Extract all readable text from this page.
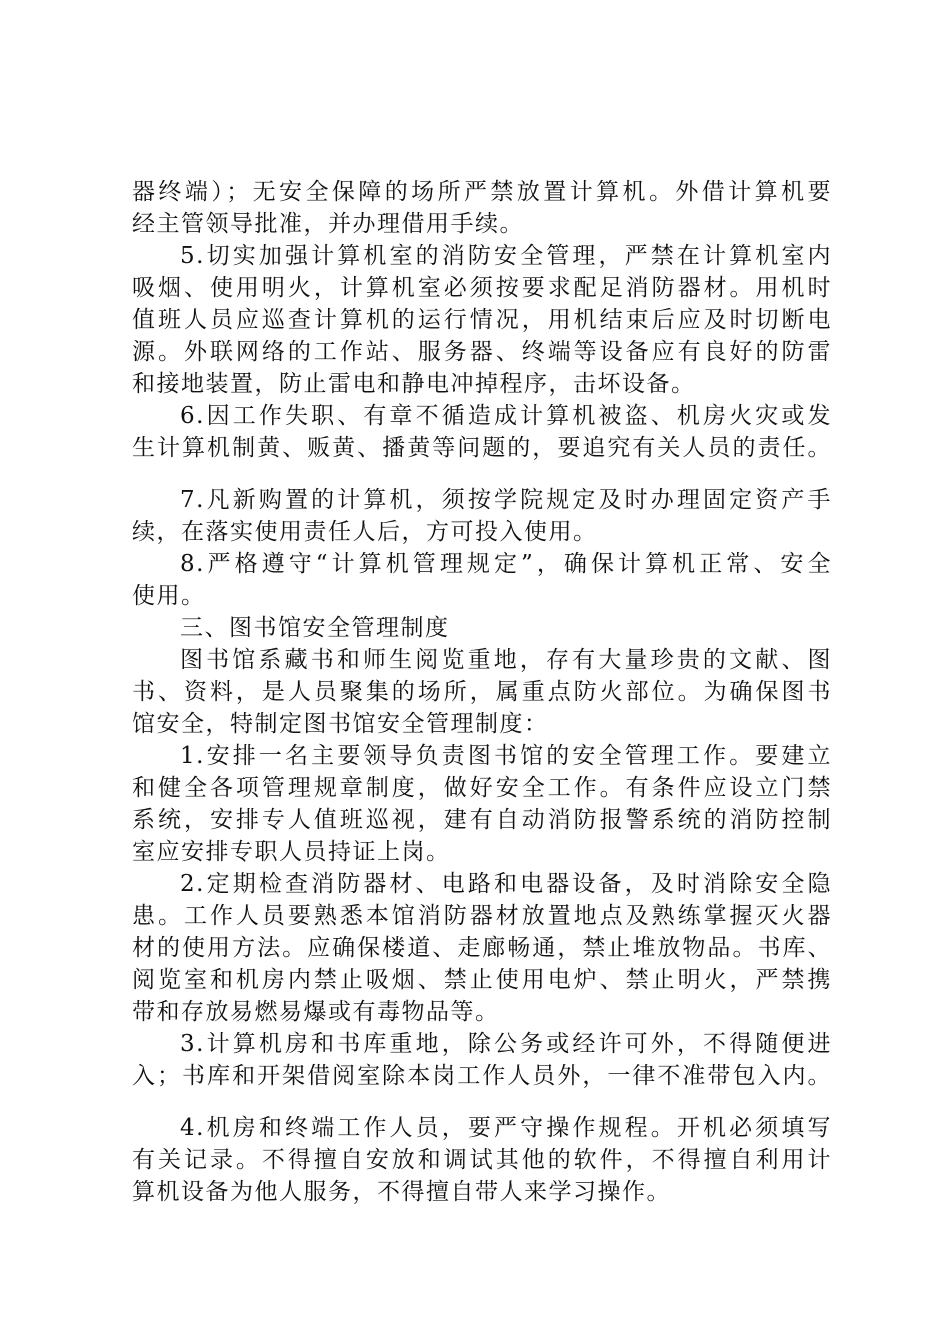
器终端）；无安全保障的场所严禁放置计算机。外借计算机要
经主管领导批准，并办理借用手续。
5.切实加强计算机室的消防安全管理，严禁在计算机室内
吸烟、使用明火，计算机室必须按要求配足消防器材。用机时
值班人员应巡查计算机的运行情况，用机结束后应及时切断电
源。外联网络的工作站、服务器、终端等设备应有良好的防雷
和接地装置，防止雷电和静电冲掉程序，击坏设备。
6.因工作失职、有章不循造成计算机被盗、机房火灾或发
生计算机制黄、贩黄、播黄等问题的，要追究有关人员的责任。
7.凡新购置的计算机，须按学院规定及时办理固定资产手
续，在落实使用责任人后，方可投入使用。
8.严格遵守“计算机管理规定”，确保计算机正常、安全
使用。
三、图书馆安全管理制度
图书馆系藏书和师生阅览重地，存有大量珍贵的文献、图
书、资料，是人员聚集的场所，属重点防火部位。为确保图书
馆安全，特制定图书馆安全管理制度：
1.安排一名主要领导负责图书馆的安全管理工作。要建立
和健全各项管理规章制度，做好安全工作。有条件应设立门禁
系统，安排专人值班巡视，建有自动消防报警系统的消防控制
室应安排专职人员持证上岗。
2.定期检查消防器材、电路和电器设备，及时消除安全隐
患。工作人员要熟悉本馆消防器材放置地点及熟练掌握灭火器
材的使用方法。应确保楼道、走廊畅通，禁止堆放物品。书库、
阅览室和机房内禁止吸烟、禁止使用电炉、禁止明火，严禁携
带和存放易燃易爆或有毒物品等。
3.计算机房和书库重地，除公务或经许可外，不得随便进
入；书库和开架借阅室除本岗工作人员外，一律不准带包入内。
4.机房和终端工作人员，要严守操作规程。开机必须填写
有关记录。不得擅自安放和调试其他的软件，不得擅自利用计
算机设备为他人服务，不得擅自带人来学习操作。
